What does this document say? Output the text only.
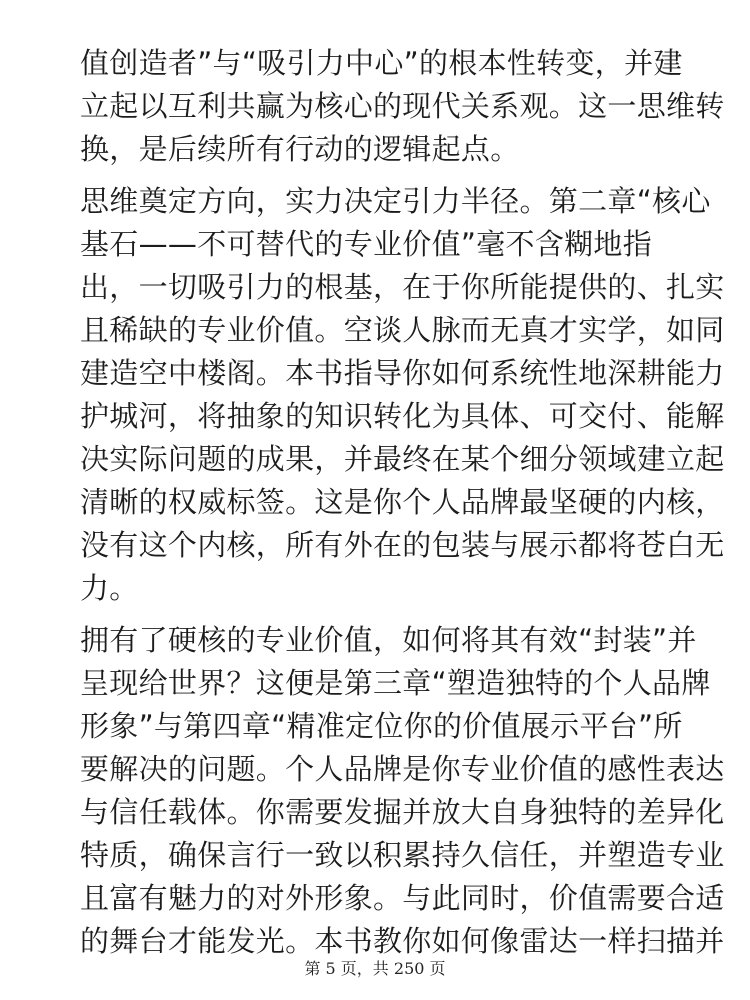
值创造者”与“吸引力中心”的根本性转变，并建
立起以互利共赢为核心的现代关系观。这一思维转
换，是后续所有行动的逻辑起点。
思维奠定方向，实力决定引力半径。第二章“核心
基石——不可替代的专业价值”毫不含糊地指
出，一切吸引力的根基，在于你所能提供的、扎实
且稀缺的专业价值。空谈人脉而无真才实学，如同
建造空中楼阁。本书指导你如何系统性地深耕能力
护城河，将抽象的知识转化为具体、可交付、能解
决实际问题的成果，并最终在某个细分领域建立起
清晰的权威标签。这是你个人品牌最坚硬的内核，
没有这个内核，所有外在的包装与展示都将苍白无
力。
拥有了硬核的专业价值，如何将其有效“封装”并
呈现给世界？这便是第三章“塑造独特的个人品牌
形象”与第四章“精准定位你的价值展示平台”所
要解决的问题。个人品牌是你专业价值的感性表达
与信任载体。你需要发掘并放大自身独特的差异化
特质，确保言行一致以积累持久信任，并塑造专业
且富有魅力的对外形象。与此同时，价值需要合适
的舞台才能发光。本书教你如何像雷达一样扫描并
第 5 页，共 250 页
